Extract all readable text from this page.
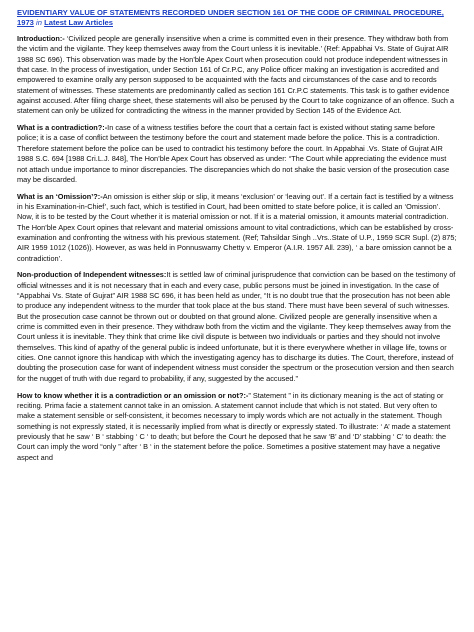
EVIDENTIARY VALUE OF STATEMENTS RECORDED UNDER SECTION 161 OF THE CODE OF CRIMINAL PROCEDURE, 1973 in Latest Law Articles

Introduction:- ‘Civilized people are generally insensitive when a crime is committed even in their presence. They withdraw both from the victim and the vigilante. They keep themselves away from the Court unless it is inevitable.’ (Ref: Appabhai Vs. State of Gujrat AIR 1988 SC 696). This observation was made by the Hon’ble Apex Court when prosecution could not produce independent witnesses in that case. In the process of investigation, under Section 161 of Cr.P.C, any Police officer making an investigation is accredited and empowered to examine orally any person supposed to be acquainted with the facts and circumstances of the case and to records statement of witnesses. These statements are predominantly called as section 161 Cr.P.C statements. This task is to gather evidence against accused. After filing charge sheet, these statements will also be perused by the Court to take cognizance of an offence. Such a statement can only be utilized for contradicting the witness in the manner provided by Section 145 of the Evidence Act.

What is a contradiction?:-In case of a witness testifies before the court that a certain fact is existed without stating same before police; it is a case of conflict between the testimony before the court and statement made before the police. This is a contradiction. Therefore statement before the police can be used to contradict his testimony before the court. In Appabhai .Vs. State of Gujrat AIR 1988 S.C. 694 [1988 Cri.L.J. 848], The Hon’ble Apex Court has observed as under: “The Court while appreciating the evidence must not attach undue importance to minor discrepancies. The discrepancies which do not shake the basic version of the prosecution case may be discarded.

What is an ‘Omission’?:-An omission is either skip or slip, it means ‘exclusion’ or ‘leaving out’. If a certain fact is testified by a witness in his Examination-in-Chief’, such fact, which is testified in Court, had been omitted to state before police, it is called an ‘Omission’. Now, it is to be tested by the Court whether it is material omission or not. If it is a material omission, it amounts material contradiction. The Hon’ble Apex Court opines that relevant and material omissions amount to vital contradictions, which can be established by cross- examination and confronting the witness with his previous statement. (Ref; Tahsildar Singh ..Vrs..State of U.P., 1959 SCR Supl. (2) 875; AIR 1959 1012 (1026)). However, as was held in Ponnuswamy Chetty v. Emperor (A.I.R. 1957 All. 239), ‘ a bare omission cannot be a contradiction’.

Non-production of Independent witnesses:It is settled law of criminal jurisprudence that conviction can be based on the testimony of official witnesses and it is not necessary that in each and every case, public persons must be joined in investigation. In the case of “Appabhai Vs. State of Gujrat” AIR 1988 SC 696, it has been held as under, “It is no doubt true that the prosecution has not been able to produce any independent witness to the murder that took place at the bus stand. There must have been several of such witnesses. But the prosecution case cannot be thrown out or doubted on that ground alone. Civilized people are generally insensitive when a crime is committed even in their presence. They withdraw both from the victim and the vigilante. They keep themselves away from the Court unless it is inevitable. They think that crime like civil dispute is between two individuals or parties and they should not involve themselves. This kind of apathy of the general public is indeed unfortunate, but it is there everywhere whether in village life, towns or cities. One cannot ignore this handicap with which the investigating agency has to discharge its duties. The Court, therefore, instead of doubting the prosecution case for want of independent witness must consider the spectrum or the prosecution version and then search for the nugget of truth with due regard to probability, if any, suggested by the accused.”

How to know whether it is a contradiction or an omission or not?:-” Statement ” in its dictionary meaning is the act of stating or reciting. Prima facie a statement cannot take in an omission. A statement cannot include that which is not stated. But very often to make a statement sensible or self-consistent, it becomes necessary to imply words which are not actually in the statement. Though something is not expressly stated, it is necessarily implied from what is directly or expressly stated. To illustrate: ‘ A’ made a statement previously that he saw ‘ B ‘ stabbing ‘ C ‘ to death; but before the Court he deposed that he saw ‘B’ and ‘D’ stabbing ‘ C’ to death: the Court can imply the word “only ” after ‘ B ‘ in the statement before the police. Sometimes a positive statement may have a negative aspect and
